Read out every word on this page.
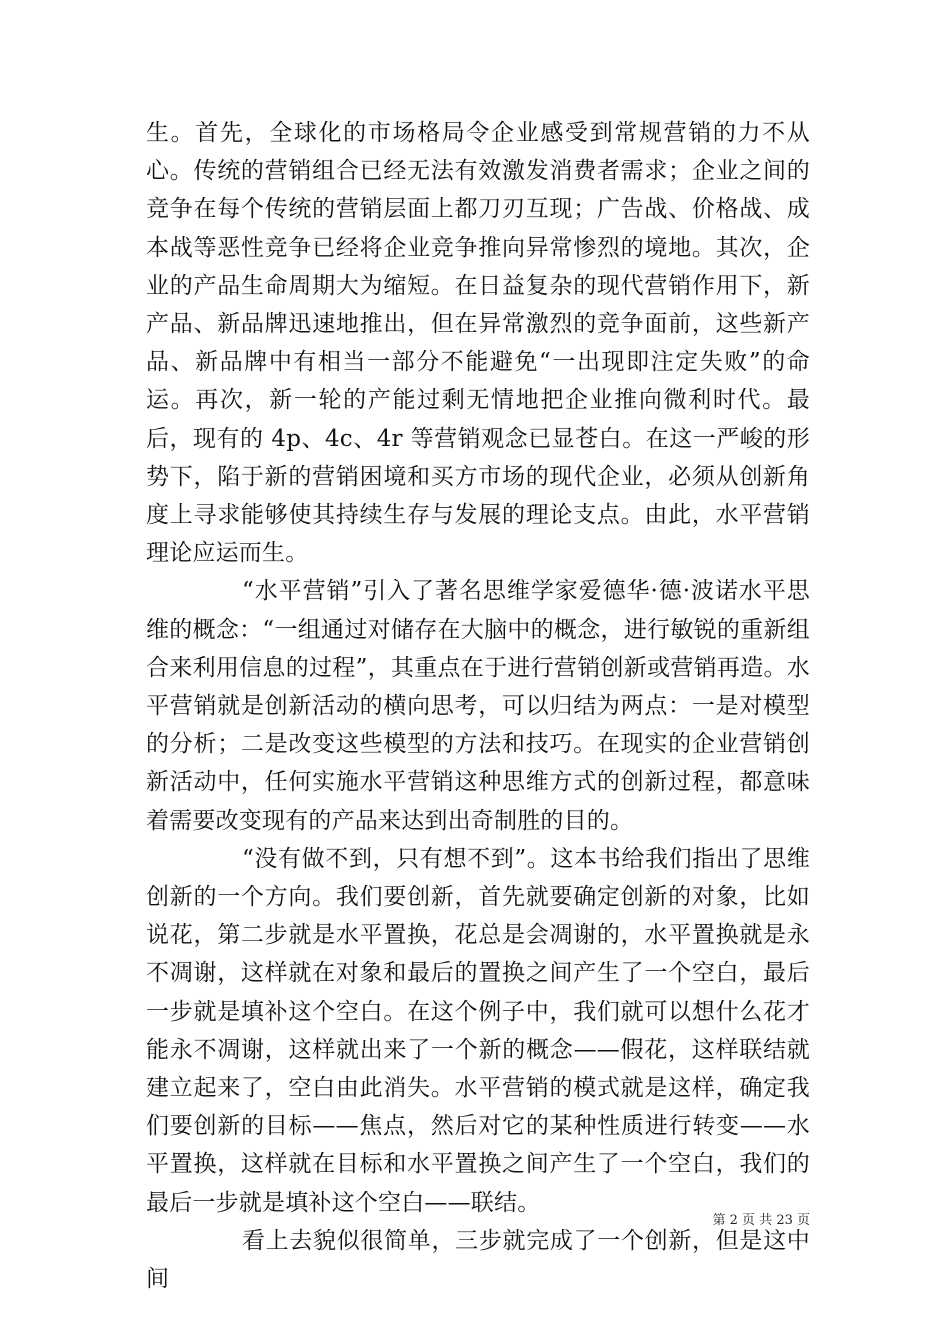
生。首先，全球化的市场格局令企业感受到常规营销的力不从心。传统的营销组合已经无法有效激发消费者需求；企业之间的竞争在每个传统的营销层面上都刀刃互现；广告战、价格战、成本战等恶性竞争已经将企业竞争推向异常惨烈的境地。其次，企业的产品生命周期大为缩短。在日益复杂的现代营销作用下，新产品、新品牌迅速地推出，但在异常激烈的竞争面前，这些新产品、新品牌中有相当一部分不能避免“一出现即注定失败”的命运。再次，新一轮的产能过剩无情地把企业推向微利时代。最后，现有的 4p、4c、4r 等营销观念已显苍白。在这一严峻的形势下，陷于新的营销困境和买方市场的现代企业，必须从创新角度上寻求能够使其持续生存与发展的理论支点。由此，水平营销理论应运而生。

“水平营销”引入了著名思维学家爱德华·德·波诺水平思维的概念：“一组通过对储存在大脑中的概念，进行敏锐的重新组合来利用信息的过程”，其重点在于进行营销创新或营销再造。水平营销就是创新活动的横向思考，可以归结为两点：一是对模型的分析；二是改变这些模型的方法和技巧。在现实的企业营销创新活动中，任何实施水平营销这种思维方式的创新过程，都意味着需要改变现有的产品来达到出奇制胜的目的。

“没有做不到，只有想不到”。这本书给我们指出了思维创新的一个方向。我们要创新，首先就要确定创新的对象，比如说花，第二步就是水平置换，花总是会凋谢的，水平置换就是永不凋谢，这样就在对象和最后的置换之间产生了一个空白，最后一步就是填补这个空白。在这个例子中，我们就可以想什么花才能永不凋谢，这样就出来了一个新的概念——假花，这样联结就建立起来了，空白由此消失。水平营销的模式就是这样，确定我们要创新的目标——焦点，然后对它的某种性质进行转变——水平置换，这样就在目标和水平置换之间产生了一个空白，我们的最后一步就是填补这个空白——联结。

看上去貌似很简单，三步就完成了一个创新，但是这中间

第 2 页 共 23 页
